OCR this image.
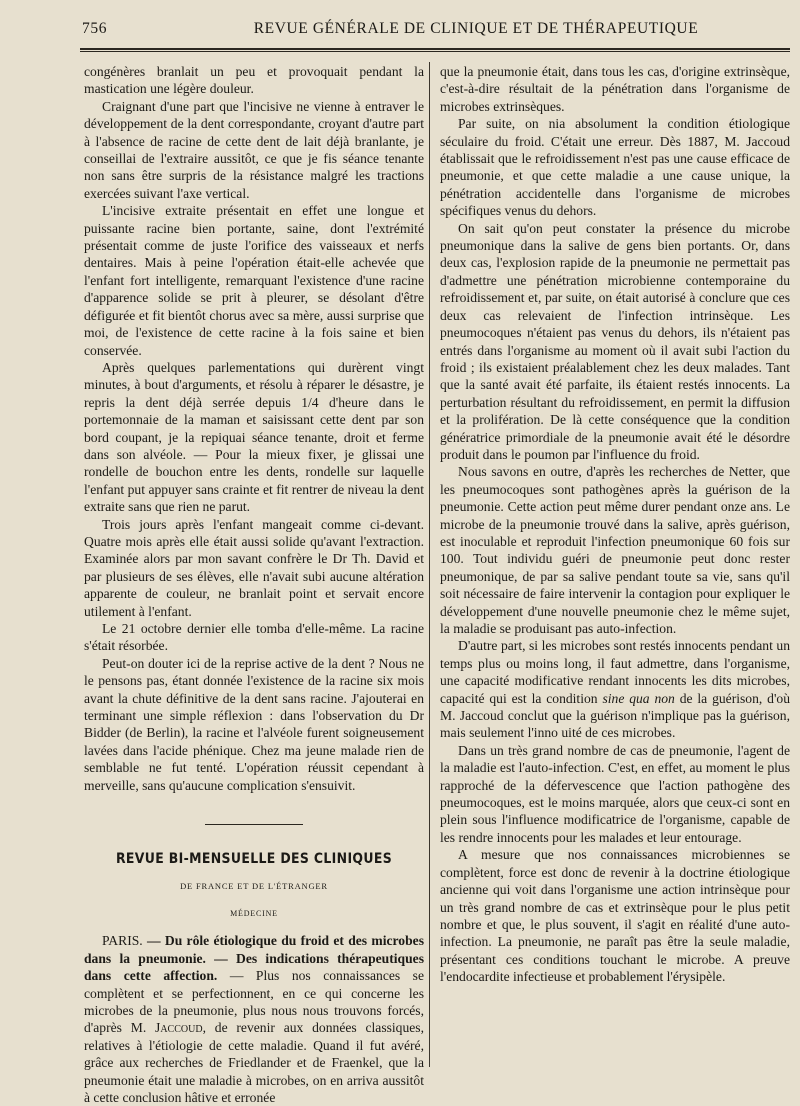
756	REVUE GÉNÉRALE DE CLINIQUE ET DE THÉRAPEUTIQUE

congénères branlait un peu et provoquait pendant la mastication une légère douleur.

Craignant d'une part que l'incisive ne vienne à entraver le développement de la dent correspondante, croyant d'autre part à l'absence de racine de cette dent de lait déjà branlante, je conseillai de l'extraire aussitôt, ce que je fis séance tenante non sans être surpris de la résistance malgré les tractions exercées suivant l'axe vertical.

L'incisive extraite présentait en effet une longue et puissante racine bien portante, saine, dont l'extrémité présentait comme de juste l'orifice des vaisseaux et nerfs dentaires. Mais à peine l'opération était-elle achevée que l'enfant fort intelligente, remarquant l'existence d'une racine d'apparence solide se prit à pleurer, se désolant d'être défigurée et fit bientôt chorus avec sa mère, aussi surprise que moi, de l'existence de cette racine à la fois saine et bien conservée.

Après quelques parlementations qui durèrent vingt minutes, à bout d'arguments, et résolu à réparer le désastre, je repris la dent déjà serrée depuis 1/4 d'heure dans le portemonnaie de la maman et saisissant cette dent par son bord coupant, je la repiquai séance tenante, droit et ferme dans son alvéole. — Pour la mieux fixer, je glissai une rondelle de bouchon entre les dents, rondelle sur laquelle l'enfant put appuyer sans crainte et fit rentrer de niveau la dent extraite sans que rien ne parut.

Trois jours après l'enfant mangeait comme ci-devant. Quatre mois après elle était aussi solide qu'avant l'extraction. Examinée alors par mon savant confrère le Dr Th. David et par plusieurs de ses élèves, elle n'avait subi aucune altération apparente de couleur, ne branlait point et servait encore utilement à l'enfant.

Le 21 octobre dernier elle tomba d'elle-même. La racine s'était résorbée.

Peut-on douter ici de la reprise active de la dent ? Nous ne le pensons pas, étant donnée l'existence de la racine six mois avant la chute définitive de la dent sans racine. J'ajouterai en terminant une simple réflexion : dans l'observation du Dr Bidder (de Berlin), la racine et l'alvéole furent soigneusement lavées dans l'acide phénique. Chez ma jeune malade rien de semblable ne fut tenté. L'opération réussit cependant à merveille, sans qu'aucune complication s'ensuivit.

REVUE BI-MENSUELLE DES CLINIQUES
DE FRANCE ET DE L'ÉTRANGER
MÉDECINE

PARIS. — Du rôle étiologique du froid et des microbes dans la pneumonie. — Des indications thérapeutiques dans cette affection. — Plus nos connaissances se complètent et se perfectionnent, en ce qui concerne les microbes de la pneumonie, plus nous nous trouvons forcés, d'après M. Jaccoud, de revenir aux données classiques, relatives à l'étiologie de cette maladie. Quand il fut avéré, grâce aux recherches de Friedlander et de Fraenkel, que la pneumonie était une maladie à microbes, on en arriva aussitôt à cette conclusion hâtive et erronée

que la pneumonie était, dans tous les cas, d'origine extrinsèque, c'est-à-dire résultait de la pénétration dans l'organisme de microbes extrinsèques.

Par suite, on nia absolument la condition étiologique séculaire du froid. C'était une erreur. Dès 1887, M. Jaccoud établissait que le refroidissement n'est pas une cause efficace de pneumonie, et que cette maladie a une cause unique, la pénétration accidentelle dans l'organisme de microbes spécifiques venus du dehors.

On sait qu'on peut constater la présence du microbe pneumonique dans la salive de gens bien portants. Or, dans deux cas, l'explosion rapide de la pneumonie ne permettait pas d'admettre une pénétration microbienne contemporaine du refroidissement et, par suite, on était autorisé à conclure que ces deux cas relevaient de l'infection intrinsèque. Les pneumocoques n'étaient pas venus du dehors, ils n'étaient pas entrés dans l'organisme au moment où il avait subi l'action du froid ; ils existaient préalablement chez les deux malades. Tant que la santé avait été parfaite, ils étaient restés innocents. La perturbation résultant du refroidissement, en permit la diffusion et la prolifération. De là cette conséquence que la condition génératrice primordiale de la pneumonie avait été le désordre produit dans le poumon par l'influence du froid.

Nous savons en outre, d'après les recherches de Netter, que les pneumocoques sont pathogènes après la guérison de la pneumonie. Cette action peut même durer pendant onze ans. Le microbe de la pneumonie trouvé dans la salive, après guérison, est inoculable et reproduit l'infection pneumonique 60 fois sur 100. Tout individu guéri de pneumonie peut donc rester pneumonique, de par sa salive pendant toute sa vie, sans qu'il soit nécessaire de faire intervenir la contagion pour expliquer le développement d'une nouvelle pneumonie chez le même sujet, la maladie se produisant pas auto-infection.

D'autre part, si les microbes sont restés innocents pendant un temps plus ou moins long, il faut admettre, dans l'organisme, une capacité modificative rendant innocents les dits microbes, capacité qui est la condition sine qua non de la guérison, d'où M. Jaccoud conclut que la guérison n'implique pas la guérison, mais seulement l'inno uité de ces microbes.

Dans un très grand nombre de cas de pneumonie, l'agent de la maladie est l'auto-infection. C'est, en effet, au moment le plus rapproché de la défervescence que l'action pathogène des pneumocoques, est le moins marquée, alors que ceux-ci sont en plein sous l'influence modificatrice de l'organisme, capable de les rendre innocents pour les malades et leur entourage.

A mesure que nos connaissances microbiennes se complètent, force est donc de revenir à la doctrine étiologique ancienne qui voit dans l'organisme une action intrinsèque pour un très grand nombre de cas et extrinsèque pour le plus petit nombre et que, le plus souvent, il s'agit en réalité d'une auto-infection. La pneumonie, ne paraît pas être la seule maladie, présentant ces conditions touchant le microbe. A preuve l'endocardite infectieuse et probablement l'érysipèle.
